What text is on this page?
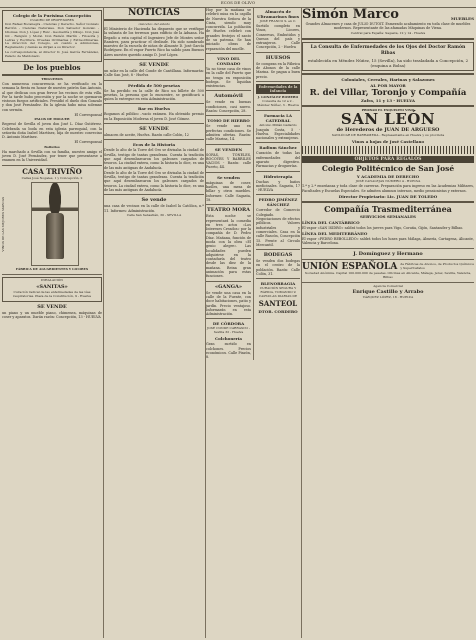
ECOS DE OLIVO
Colegio de la Purísima Concepción
CUADRO DE PROFESORES

Don Rafael Bocanegra - Ciencias y Derecho. Señor Gonzalo Bardón - Ciencias Naturales. Don Salvador Gonzalo - Idiomas. Don J. López y Ruiz - Geometría y Dibujo. Don José Gil - Religión y Moral. Don Ramón Martín - Filosofía y Letras y Escritura. Pruebas Ordinarias y Extraordinarias. La dirección del Colegio, en cuanto a Admisiones, Reglamento y demás se dirijan a su Director.

La correspondencia, al director D. José García Fernández, Palacio de Maldonado

De los pueblos
TRIGUEROS

Con numerosa concurrencia se ha verificado en la semana la fiesta en honor de nuestro patrón San Antonio, al que dedican con gran fervor los vecinos de esta villa. Por la tarde hubo procesión y por la noche se quemaron vistosos fuegos artificiales. Presidió el duelo don Gonzalo y don José Fernández. En la iglesia hubo misa solemne con sermón.

El Corresponsal

PALOS DE MOGUER

Regresó de Sevilla el joven don José L. Díaz Gutiérrez. Celebrada su boda en esta iglesia parroquial, con la señorita doña Isabel Martínez, hija de nuestro convecino D. Antonio Martínez.

El Corresponsal

Bollullos

Ha marchado a Sevilla con su familia, nuestro amigo el joven D. José Fernández, por tener que presentarse a examen en la Universidad.

CASA TRIVIÑO
Calles José Nogales, 1 y Concepción, 2
VINOS DE LAS MEJORES MARCAS
FÁBRICA DE AGUARDIENTES Y LICORES
INHALACIÓN
«SANITAS»

Curación radical de las enfermedades de las vías respiratorias. Plaza de la Constitución, 9 - Huelva

SE VENDE

un piano y un mueble piano, chimenea, máquinas de coser y aparatos. Darán razón: Concepción, 13 - HUELVA

NOTICIAS
«Gaceta» del estado

El Ministerio de Hacienda ha dispuesto que se verifique la subasta de los terrenos para edificio de la Aduana. Ha llegado a esta capital el Ingeniero Jefe de Montes señor Ramírez, para practicar el deslinde. Ha sido nombrado maestro de la escuela de niños de Almonte D. José García Rodríguez. En el vapor Puerto Rico ha salido para Buenos Aires nuestro querido amigo D. José López.

SE VENDE

un solar en la calle del Conde de Cantillana. Informarán: Calle San José, 8 - Huelva

Pérdida de 500 pesetas

Se ha perdido en la calle de Rico un billete de 500 pesetas, la persona que lo encuentre, se gratificará a quien lo entregue en esta Administración.

Bar en Huelva

Rogamos al público ..vacío exámen. Ha obtenido premio en la Exposición Moderna el joven D. José Gómez.

SE VENDE

almacen de aceite, Huelva. Razón calle Colón, 12

Ecos de la Historia

Desde lo alto de la Torre del Oro se divisaba la ciudad de Sevilla, testigo de tantas grandezas. Cuenta la tradición que aquí desembarcaron los galeones cargados de tesoros. La ciudad entera, como la historia lo dice, es una de las más antiguas de Andalucía.

Desde lo alto de la Torre del Oro se divisaba la ciudad de Sevilla, testigo de tantas grandezas. Cuenta la tradición que aquí desembarcaron los galeones cargados de tesoros. La ciudad entera, como la historia lo dice, es una de las más antiguas de Andalucía.

Se vende

una casa de vecinos en la calle de Isabel la Católica, n.º 11. Informes: Administración.

Calle San Sebastián, 30 - SEVILLA

Hoy por la mañana se celebró misa en la capilla de Nuestra Señora de la Cinta, siendo muy concurrida. La población de Huelva celebró con grandes festejos el santo de su patrona. Se han iniciado obras de reparación del muelle.

VINO DEL CONDADO

Ya no tiene casa de vinos en la calle del Puerto que no tenga en exposición bodega. Se liquidan existencias.

Automóvil

Se vende en buenas condiciones, casi nuevo. Razón: Concepción, 28.

TOMO DE HIERRO

Se vende uno en perfectas condiciones. Se admiten ofertas. Razón: calle Marina, 14.

SE VENDEN

SOFAS, TONELES, BOCOYES Y BARRILES VACIOS - Razón: calle Puerto, 44.

Se venden

máquinas de coser, baúles, una mesa de billar y otros muebles. Informes: Calle Sagasta, 18.

TEATRO MORA

Esta noche se representará la comedia en tres actos «Los Intereses Creados» por la compañía de D. Pedro Díaz. Mañana, función de moda con la obra «El genio alegre». Las localidades pueden adquirirse en la contaduría del teatro desde las diez de la mañana. Reina gran animación para estas funciones.

«GANGA»

Se vende una casa en la calle de la Fuente, con doce habitaciones, patio y jardín. Precio ventajoso. Informarán en esta Administración.

DE CÓRDOBA

JOSÉ CONDE CARRASCO - Sevilla 32 - Huelva

Colchonería

Gran surtido en colchones. Precios económicos. Calle Pinzón, 8.

Almacén de Ultramarinos finos
JOSÉ FRANCO S. en C.

Surtido completo en Vinos, Licores, Conservas, Embutidos y Quesos del país y extranjeros. Calle Concepción, 2 - Huelva

HUESOS

Se compran en la Fábrica de Abonos de la calle Marina. Se pagan a buen precio.

Enfermedades de la Infancia
J. GONZÁLEZ ROMERO

Consulta de 12 a 2 - Méndez Núñez, 3 - Huelva

Farmacia LA CATEDRAL
Antonio Millán Gallardo

Joaquín Costa, 5 - Huelva. Especialidades nacionales y extranjeras.

Radium Sánchez

Curación de todas las enfermedades del aparato digestivo. Farmacias y droguerías.

Hidroterapia

Duchas y baños medicinales. Sagasta, 17 - HUELVA

PEDRO JIMÉNEZ SÁNCHEZ

Corredor de Comercio Colegiado. Negociaciones de efectos públicos. Valores industriales y comerciales. Casa en la calle Rascón, Concepción 15. Frente al Circulo Mercantil.

BODEGAS

Se venden dos bodegas en el centro de la población. Razón: Calle Colón, 31.

BLENORRAGIA

CURACIÓN SEGURA Y RÁPIDA, TOMANDO 9 CAPSULAS DIARIAS DE

SANTEOL
DTOR. CORDERO
Simón Marco	MUEBLES

Grandes Almacenes y casa de JULIO DUTOIT. Esmerado acabamiento en toda clase de muebles modernos. Representante de las afamadas Máquinas de Viena.

Central para España: Sagasta, 12 y 14 - Huelva

La Consulta de Enfermedades de los Ojos del Doctor Ramón Ribas

establecida en Méndez Núñez, 15 (Sevilla), ha sido trasladada a Concepción, 2 (esquina a Bolsa)

Coloniales, Cereales, Harinas y Salazones
AL POR MAYOR
R. del Villar, Toronjo y Compañía
Zafra, 11 y 13 - HUELVA
PROBAD EL EXQUISITO VINO
SAN LEÓN
de Herederos de JUAN DE ARGUESO

SANLÚCAR DE BARRAMEDA - Representante en Huelva y su provincia

Vinos a hojas de José Castellano
OBJETOS PARA REGALOS
Colegio Politécnico de San José
Y ACADEMIA DE DERECHO
JOSÉ CANALEJAS NÚMERO 4 - HUELVA

1.ª y 2.ª enseñanza y toda clase de carreras. Preparación para ingreso en las Academias Militares, Facultades y Escuelas Especiales. Se admiten alumnos internos, medio pensionistas y externos.

Director Propietario: Lic. JUAN DE TOLEDO
Compañía Trasmediterránea
SERVICIOS SEMANALES
LÍNEA DEL CANTÁBRICO

El vapor «SAN ISIDRO» saldrá todos los jueves para Vigo, Coruña, Gijón, Santander y Bilbao.

LÍNEA DEL MEDITERRÁNEO

El vapor «PEDRO REBOLLEDO» saldrá todos los lunes para Málaga, Almería, Cartagena, Alicante, Valencia y Barcelona.

J. Domínguez y Hermano
UNIÓN ESPAÑOLA de Fábricas de Abonos, de Productos Químicos y Superfosfatos

Sociedad Anónima. Capital 100.000.000 de pesetas. Oficinas en Alicante, Málaga, Jerez, Sevilla, Valencia, Bilbao

Agencia Comercial
Enrique Castillo y Arrabo
VÁZQUEZ LÓPEZ, 18 - HUELVA
